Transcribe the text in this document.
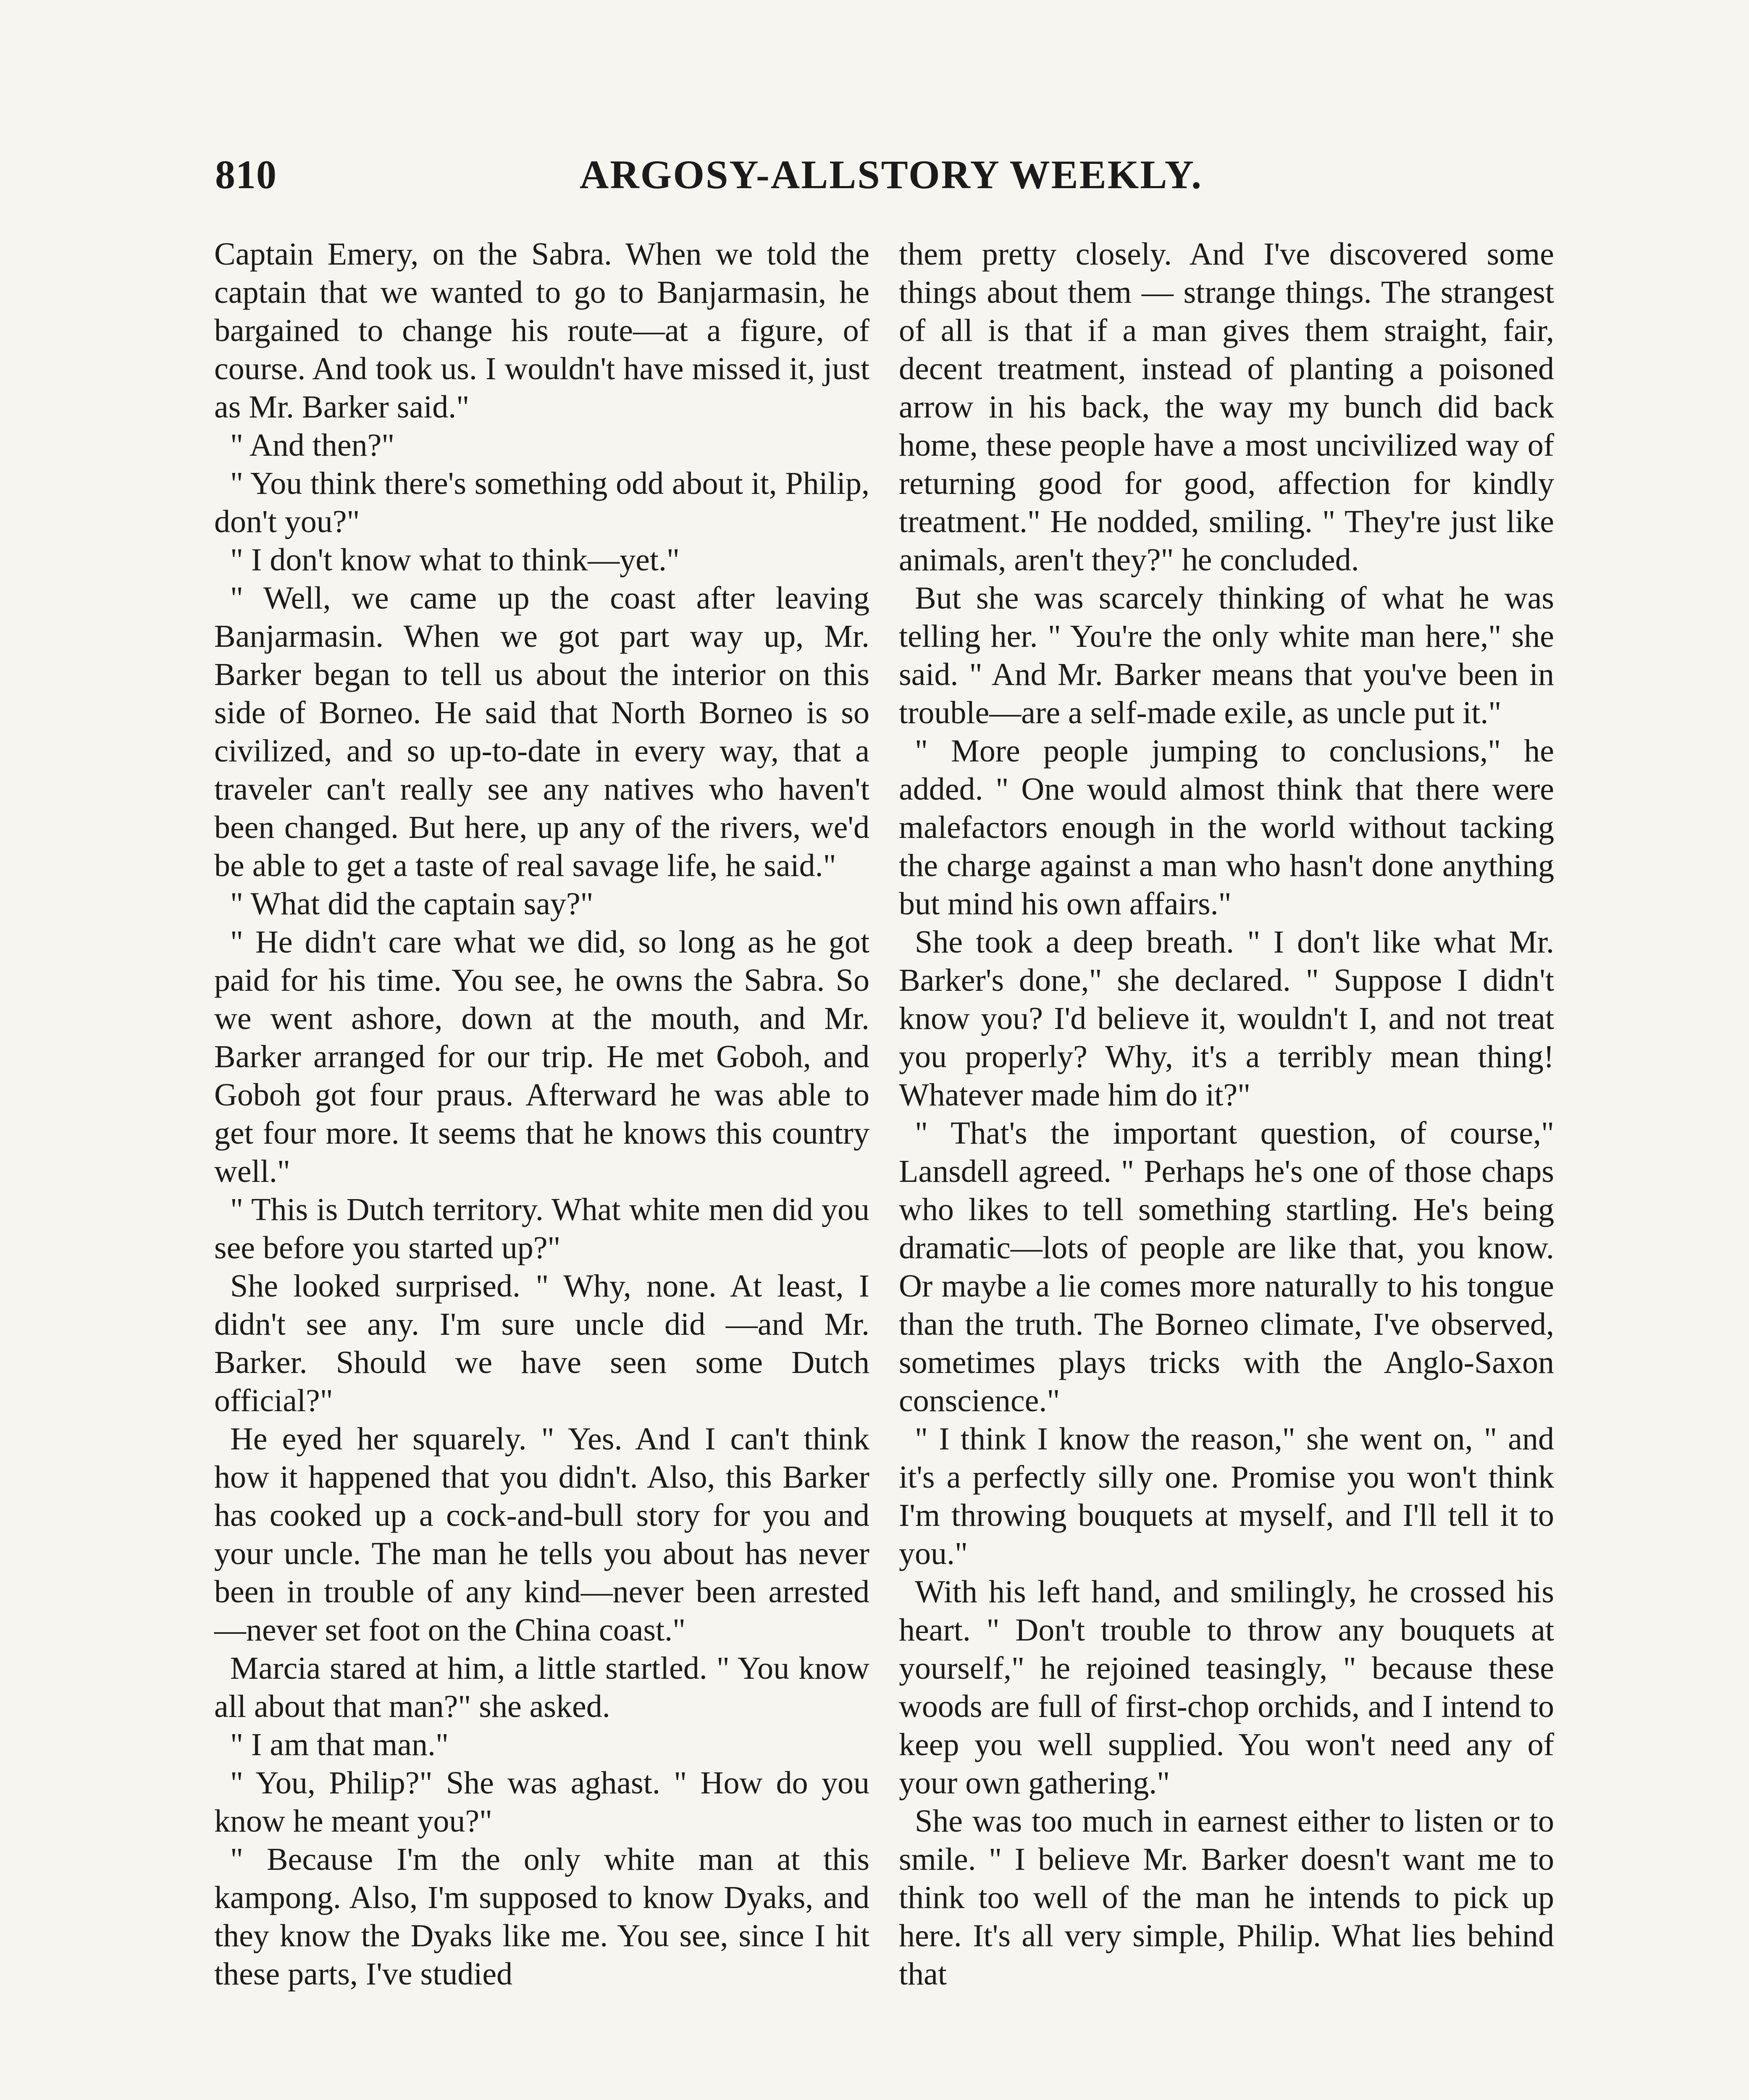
810	ARGOSY-ALLSTORY WEEKLY.

Captain Emery, on the Sabra. When we told the captain that we wanted to go to Banjarmasin, he bargained to change his route—at a figure, of course. And took us. I wouldn't have missed it, just as Mr. Barker said."

" And then?"

" You think there's something odd about it, Philip, don't you?"

" I don't know what to think—yet."

" Well, we came up the coast after leaving Banjarmasin. When we got part way up, Mr. Barker began to tell us about the interior on this side of Borneo. He said that North Borneo is so civilized, and so up-to-date in every way, that a traveler can't really see any natives who haven't been changed. But here, up any of the rivers, we'd be able to get a taste of real savage life, he said."

" What did the captain say?"

" He didn't care what we did, so long as he got paid for his time. You see, he owns the Sabra. So we went ashore, down at the mouth, and Mr. Barker arranged for our trip. He met Goboh, and Goboh got four praus. Afterward he was able to get four more. It seems that he knows this country well."

" This is Dutch territory. What white men did you see before you started up?"

She looked surprised. " Why, none. At least, I didn't see any. I'm sure uncle did —and Mr. Barker. Should we have seen some Dutch official?"

He eyed her squarely. " Yes. And I can't think how it happened that you didn't. Also, this Barker has cooked up a cock-and-bull story for you and your uncle. The man he tells you about has never been in trouble of any kind—never been arrested—never set foot on the China coast."

Marcia stared at him, a little startled. " You know all about that man?" she asked.

" I am that man."

" You, Philip?" She was aghast. " How do you know he meant you?"

" Because I'm the only white man at this kampong. Also, I'm supposed to know Dyaks, and they know the Dyaks like me. You see, since I hit these parts, I've studied

them pretty closely. And I've discovered some things about them — strange things. The strangest of all is that if a man gives them straight, fair, decent treatment, instead of planting a poisoned arrow in his back, the way my bunch did back home, these people have a most uncivilized way of returning good for good, affection for kindly treatment." He nodded, smiling. " They're just like animals, aren't they?" he concluded.

But she was scarcely thinking of what he was telling her. " You're the only white man here," she said. " And Mr. Barker means that you've been in trouble—are a self-made exile, as uncle put it."

" More people jumping to conclusions," he added. " One would almost think that there were malefactors enough in the world without tacking the charge against a man who hasn't done anything but mind his own affairs."

She took a deep breath. " I don't like what Mr. Barker's done," she declared. " Suppose I didn't know you? I'd believe it, wouldn't I, and not treat you properly? Why, it's a terribly mean thing! Whatever made him do it?"

" That's the important question, of course," Lansdell agreed. " Perhaps he's one of those chaps who likes to tell something startling. He's being dramatic—lots of people are like that, you know. Or maybe a lie comes more naturally to his tongue than the truth. The Borneo climate, I've observed, sometimes plays tricks with the Anglo-Saxon conscience."

" I think I know the reason," she went on, " and it's a perfectly silly one. Promise you won't think I'm throwing bouquets at myself, and I'll tell it to you."

With his left hand, and smilingly, he crossed his heart. " Don't trouble to throw any bouquets at yourself," he rejoined teasingly, " because these woods are full of first-chop orchids, and I intend to keep you well supplied. You won't need any of your own gathering."

She was too much in earnest either to listen or to smile. " I believe Mr. Barker doesn't want me to think too well of the man he intends to pick up here. It's all very simple, Philip. What lies behind that
